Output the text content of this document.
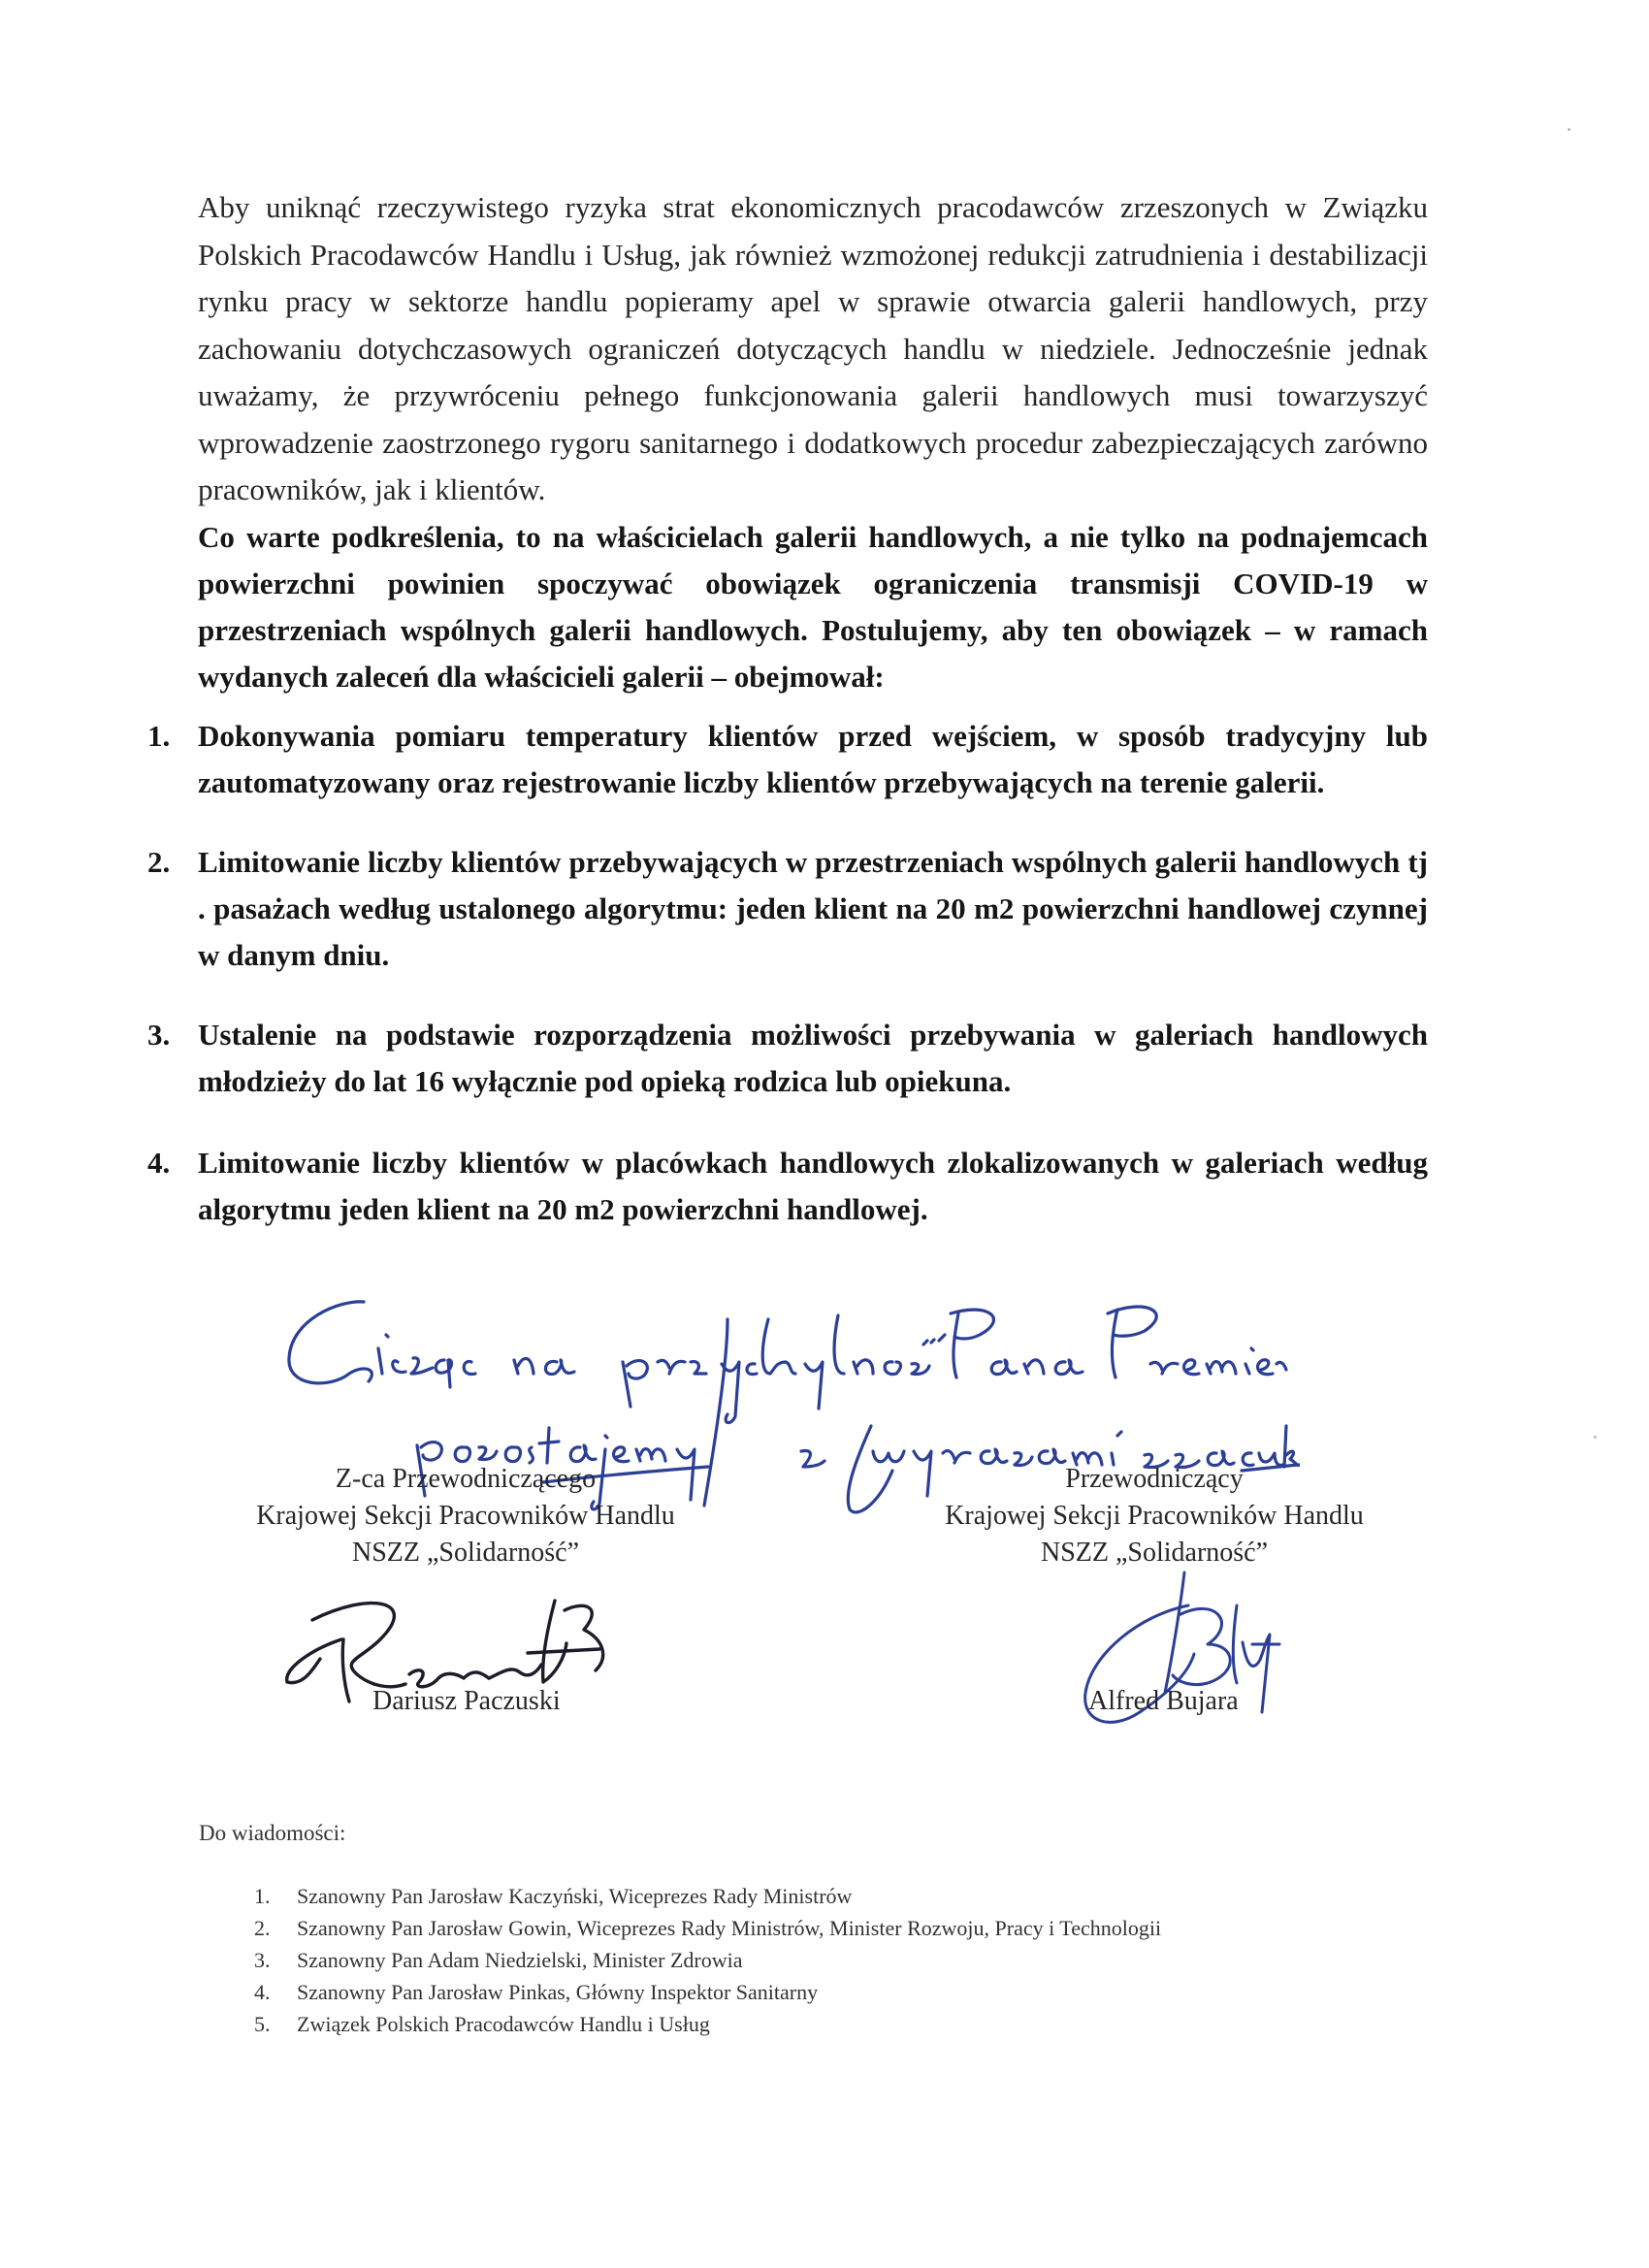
Aby uniknąć rzeczywistego ryzyka strat ekonomicznych pracodawców zrzeszonych w Związku Polskich Pracodawców Handlu i Usług, jak również wzmożonej redukcji zatrudnienia i destabilizacji rynku pracy w sektorze handlu popieramy apel w sprawie otwarcia galerii handlowych, przy zachowaniu dotychczasowych ograniczeń dotyczących handlu w niedziele. Jednocześnie jednak uważamy, że przywróceniu pełnego funkcjonowania galerii handlowych musi towarzyszyć wprowadzenie zaostrzonego rygoru sanitarnego i dodatkowych procedur zabezpieczających zarówno pracowników, jak i klientów.

Co warte podkreślenia, to na właścicielach galerii handlowych, a nie tylko na podnajemcach powierzchni powinien spoczywać obowiązek ograniczenia transmisji COVID-19 w przestrzeniach wspólnych galerii handlowych. Postulujemy, aby ten obowiązek – w ramach wydanych zaleceń dla właścicieli galerii – obejmował:

1. Dokonywania pomiaru temperatury klientów przed wejściem, w sposób tradycyjny lub zautomatyzowany oraz rejestrowanie liczby klientów przebywających na terenie galerii.
2. Limitowanie liczby klientów przebywających w przestrzeniach wspólnych galerii handlowych tj . pasażach według ustalonego algorytmu: jeden klient na 20 m2 powierzchni handlowej czynnej w danym dniu.
3. Ustalenie na podstawie rozporządzenia możliwości przebywania w galeriach handlowych młodzieży do lat 16 wyłącznie pod opieką rodzica lub opiekuna.
4. Limitowanie liczby klientów w placówkach handlowych zlokalizowanych w galeriach według algorytmu jeden klient na 20 m2 powierzchni handlowej.
Z-ca Przewodniczącego
Krajowej Sekcji Pracowników Handlu
NSZZ „Solidarność”
Przewodniczący
Krajowej Sekcji Pracowników Handlu
NSZZ „Solidarność”
Dariusz Paczuski	Alfred Bujara
Do wiadomości:
1. Szanowny Pan Jarosław Kaczyński, Wiceprezes Rady Ministrów
2. Szanowny Pan Jarosław Gowin, Wiceprezes Rady Ministrów, Minister Rozwoju, Pracy i Technologii
3. Szanowny Pan Adam Niedzielski, Minister Zdrowia
4. Szanowny Pan Jarosław Pinkas, Główny Inspektor Sanitarny
5. Związek Polskich Pracodawców Handlu i Usług
